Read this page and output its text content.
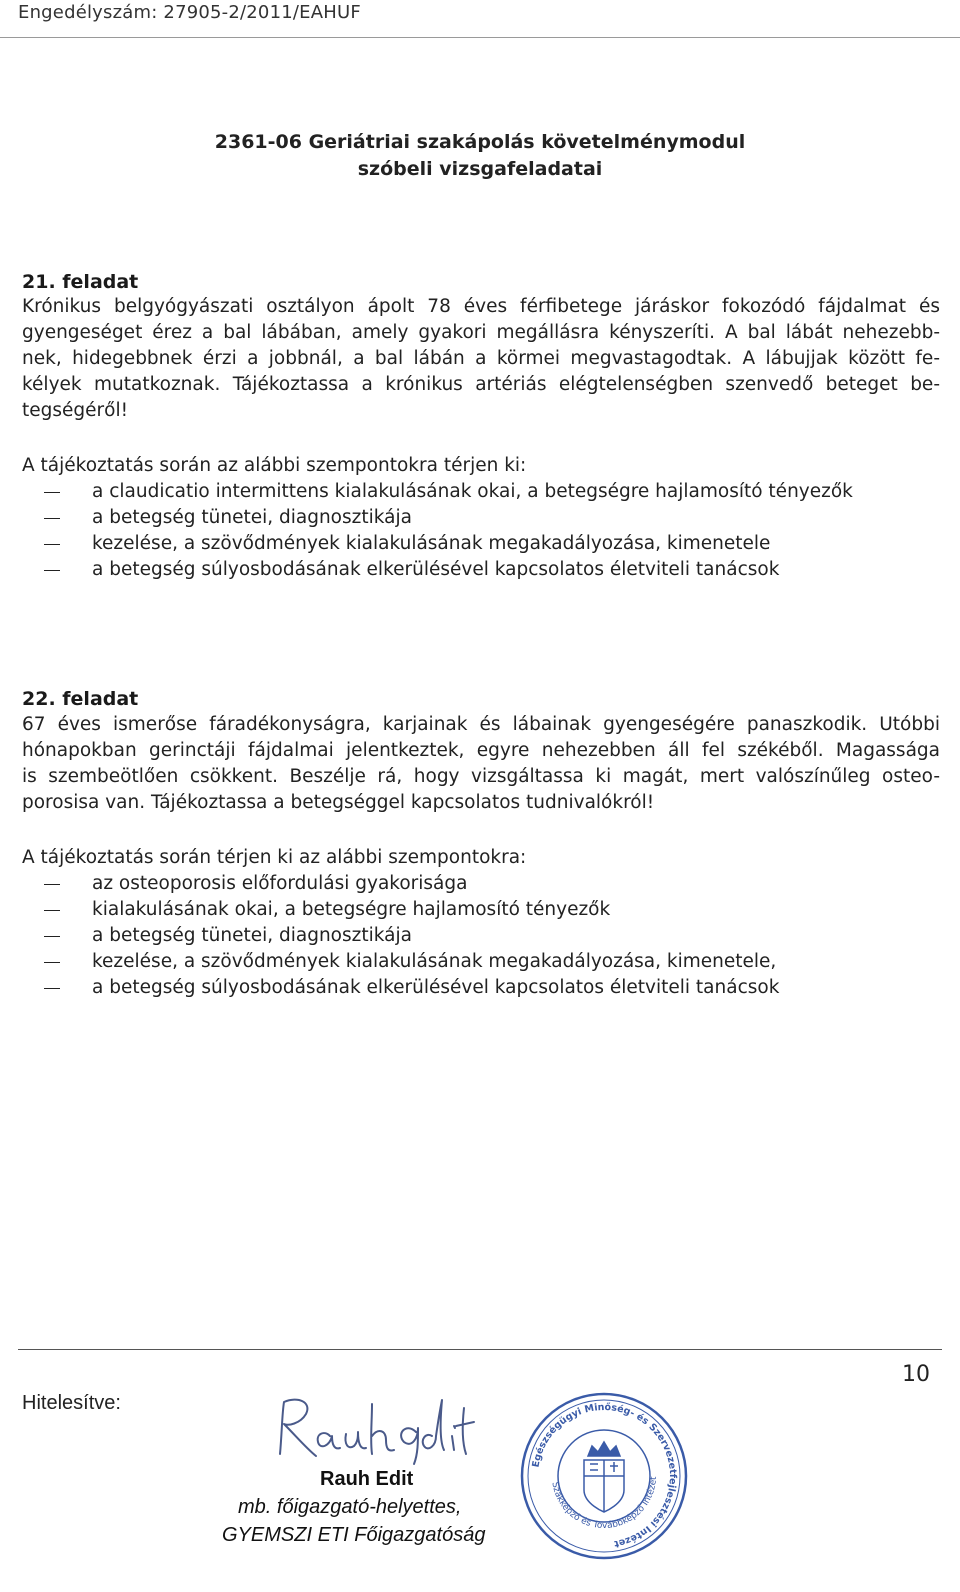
Engedélyszám: 27905-2/2011/EAHUF
2361-06 Geriátriai szakápolás követelménymodul
szóbeli vizsgafeladatai
21. feladat
Krónikus belgyógyászati osztályon ápolt 78 éves férfibetege járáskor fokozódó fájdalmat és
gyengeséget érez a bal lábában, amely gyakori megállásra kényszeríti. A bal lábát nehezebb-
nek, hidegebbnek érzi a jobbnál, a bal lábán a körmei megvastagodtak. A lábujjak között fe-
kélyek mutatkoznak. Tájékoztassa a krónikus artériás elégtelenségben szenvedő beteget be-
tegségéről!
A tájékoztatás során az alábbi szempontokra térjen ki:
a claudicatio intermittens kialakulásának okai, a betegségre hajlamosító tényezők
a betegség tünetei, diagnosztikája
kezelése, a szövődmények kialakulásának megakadályozása, kimenetele
a betegség súlyosbodásának elkerülésével kapcsolatos életviteli tanácsok
22. feladat
67 éves ismerőse fáradékonyságra, karjainak és lábainak gyengeségére panaszkodik. Utóbbi
hónapokban gerinctáji fájdalmai jelentkeztek, egyre nehezebben áll fel székéből. Magassága
is szembeötlően csökkent. Beszélje rá, hogy vizsgáltassa ki magát, mert valószínűleg osteo-
porosisa van. Tájékoztassa a betegséggel kapcsolatos tudnivalókról!
A tájékoztatás során térjen ki az alábbi szempontokra:
az osteoporosis előfordulási gyakorisága
kialakulásának okai, a betegségre hajlamosító tényezők
a betegség tünetei, diagnosztikája
kezelése, a szövődmények kialakulásának megakadályozása, kimenetele,
a betegség súlyosbodásának elkerülésével kapcsolatos életviteli tanácsok
10
Hitelesítve:
Egészségügyi Minőség- és Szervezetfejlesztési Intézet
Szakképző és Továbbképző Intézet
Rauh Edit
mb. főigazgató-helyettes,
GYEMSZI ETI Főigazgatóság
